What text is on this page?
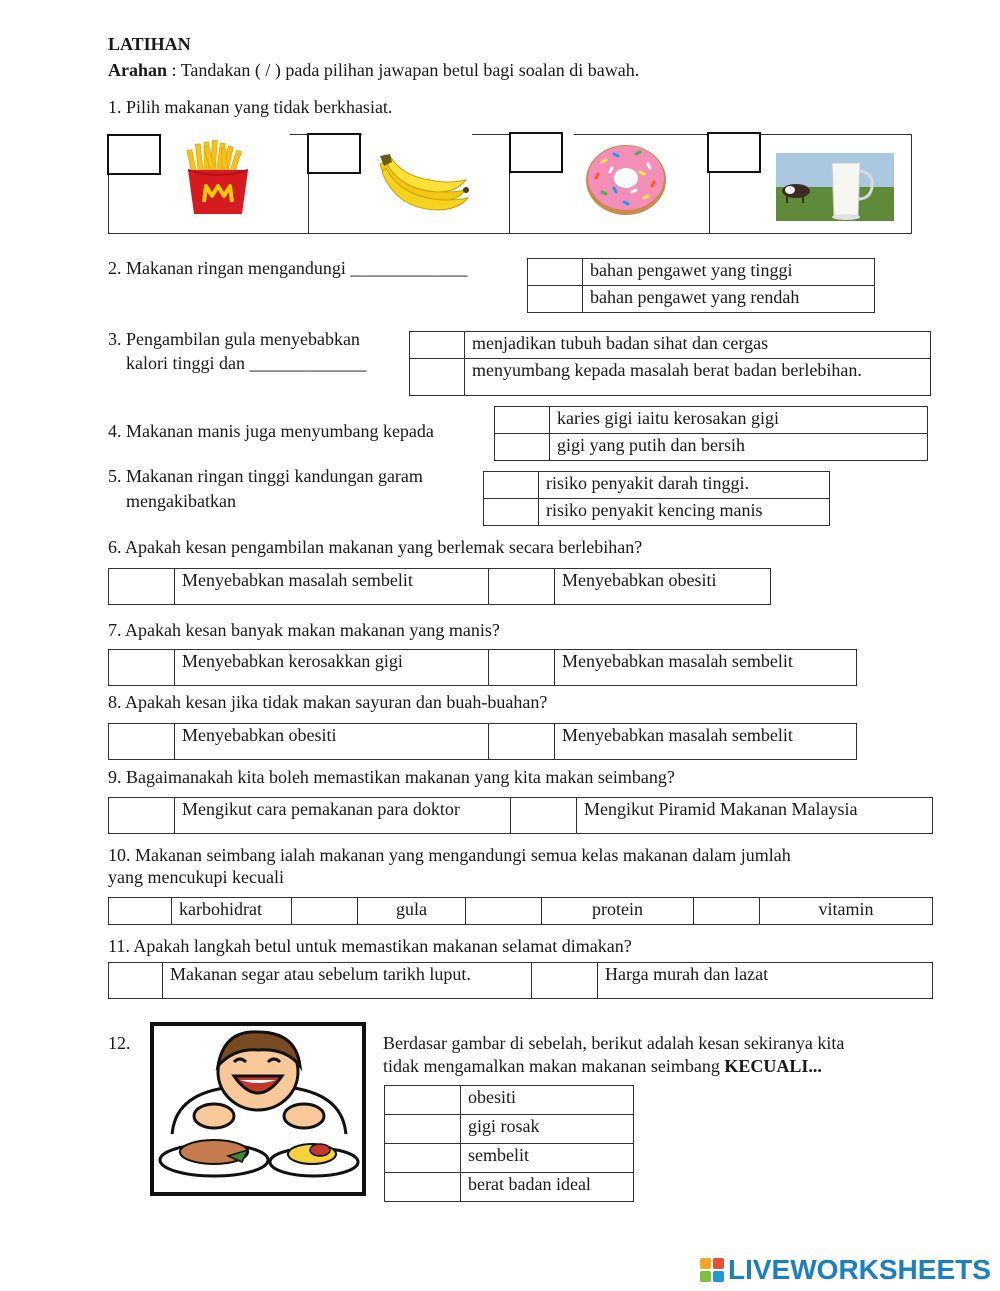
LATIHAN
Arahan : Tandakan ( / ) pada pilihan jawapan betul bagi soalan di bawah.
1. Pilih makanan yang tidak berkhasiat.
2. Makanan ringan mengandungi _____________
		bahan pengawet yang tinggi
	bahan pengawet yang rendah
3. Pengambilan gula menyebabkan
kalori tinggi dan _____________
	menjadikan tubuh badan sihat dan cergas
	menyumbang kepada masalah berat badan berlebihan.
4. Makanan manis juga menyumbang kepada
	karies gigi iaitu kerosakan gigi
	gigi yang putih dan bersih
5. Makanan ringan tinggi kandungan garam
mengakibatkan
	risiko penyakit darah tinggi.
	risiko penyakit kencing manis
6. Apakah kesan pengambilan makanan yang berlemak secara berlebihan?
	Menyebabkan masalah sembelit		Menyebabkan obesiti
7. Apakah kesan banyak makan makanan yang manis?
	Menyebabkan kerosakkan gigi		Menyebabkan masalah sembelit
8. Apakah kesan jika tidak makan sayuran dan buah-buahan?
	Menyebabkan obesiti		Menyebabkan masalah sembelit
9. Bagaimanakah kita boleh memastikan makanan yang kita makan seimbang?
	Mengikut cara pemakanan para doktor		Mengikut Piramid Makanan Malaysia
10. Makanan seimbang ialah makanan yang mengandungi semua kelas makanan dalam jumlah
yang mencukupi kecuali
	karbohidrat		gula		protein		vitamin
11. Apakah langkah betul untuk memastikan makanan selamat dimakan?
	Makanan segar atau sebelum tarikh luput.		Harga murah dan lazat
12.	Berdasar gambar di sebelah, berikut adalah kesan sekiranya kita
tidak mengamalkan makan makanan seimbang KECUALI...
	obesiti
	gigi rosak
	sembelit
	berat badan ideal
LIVEWORKSHEETS
